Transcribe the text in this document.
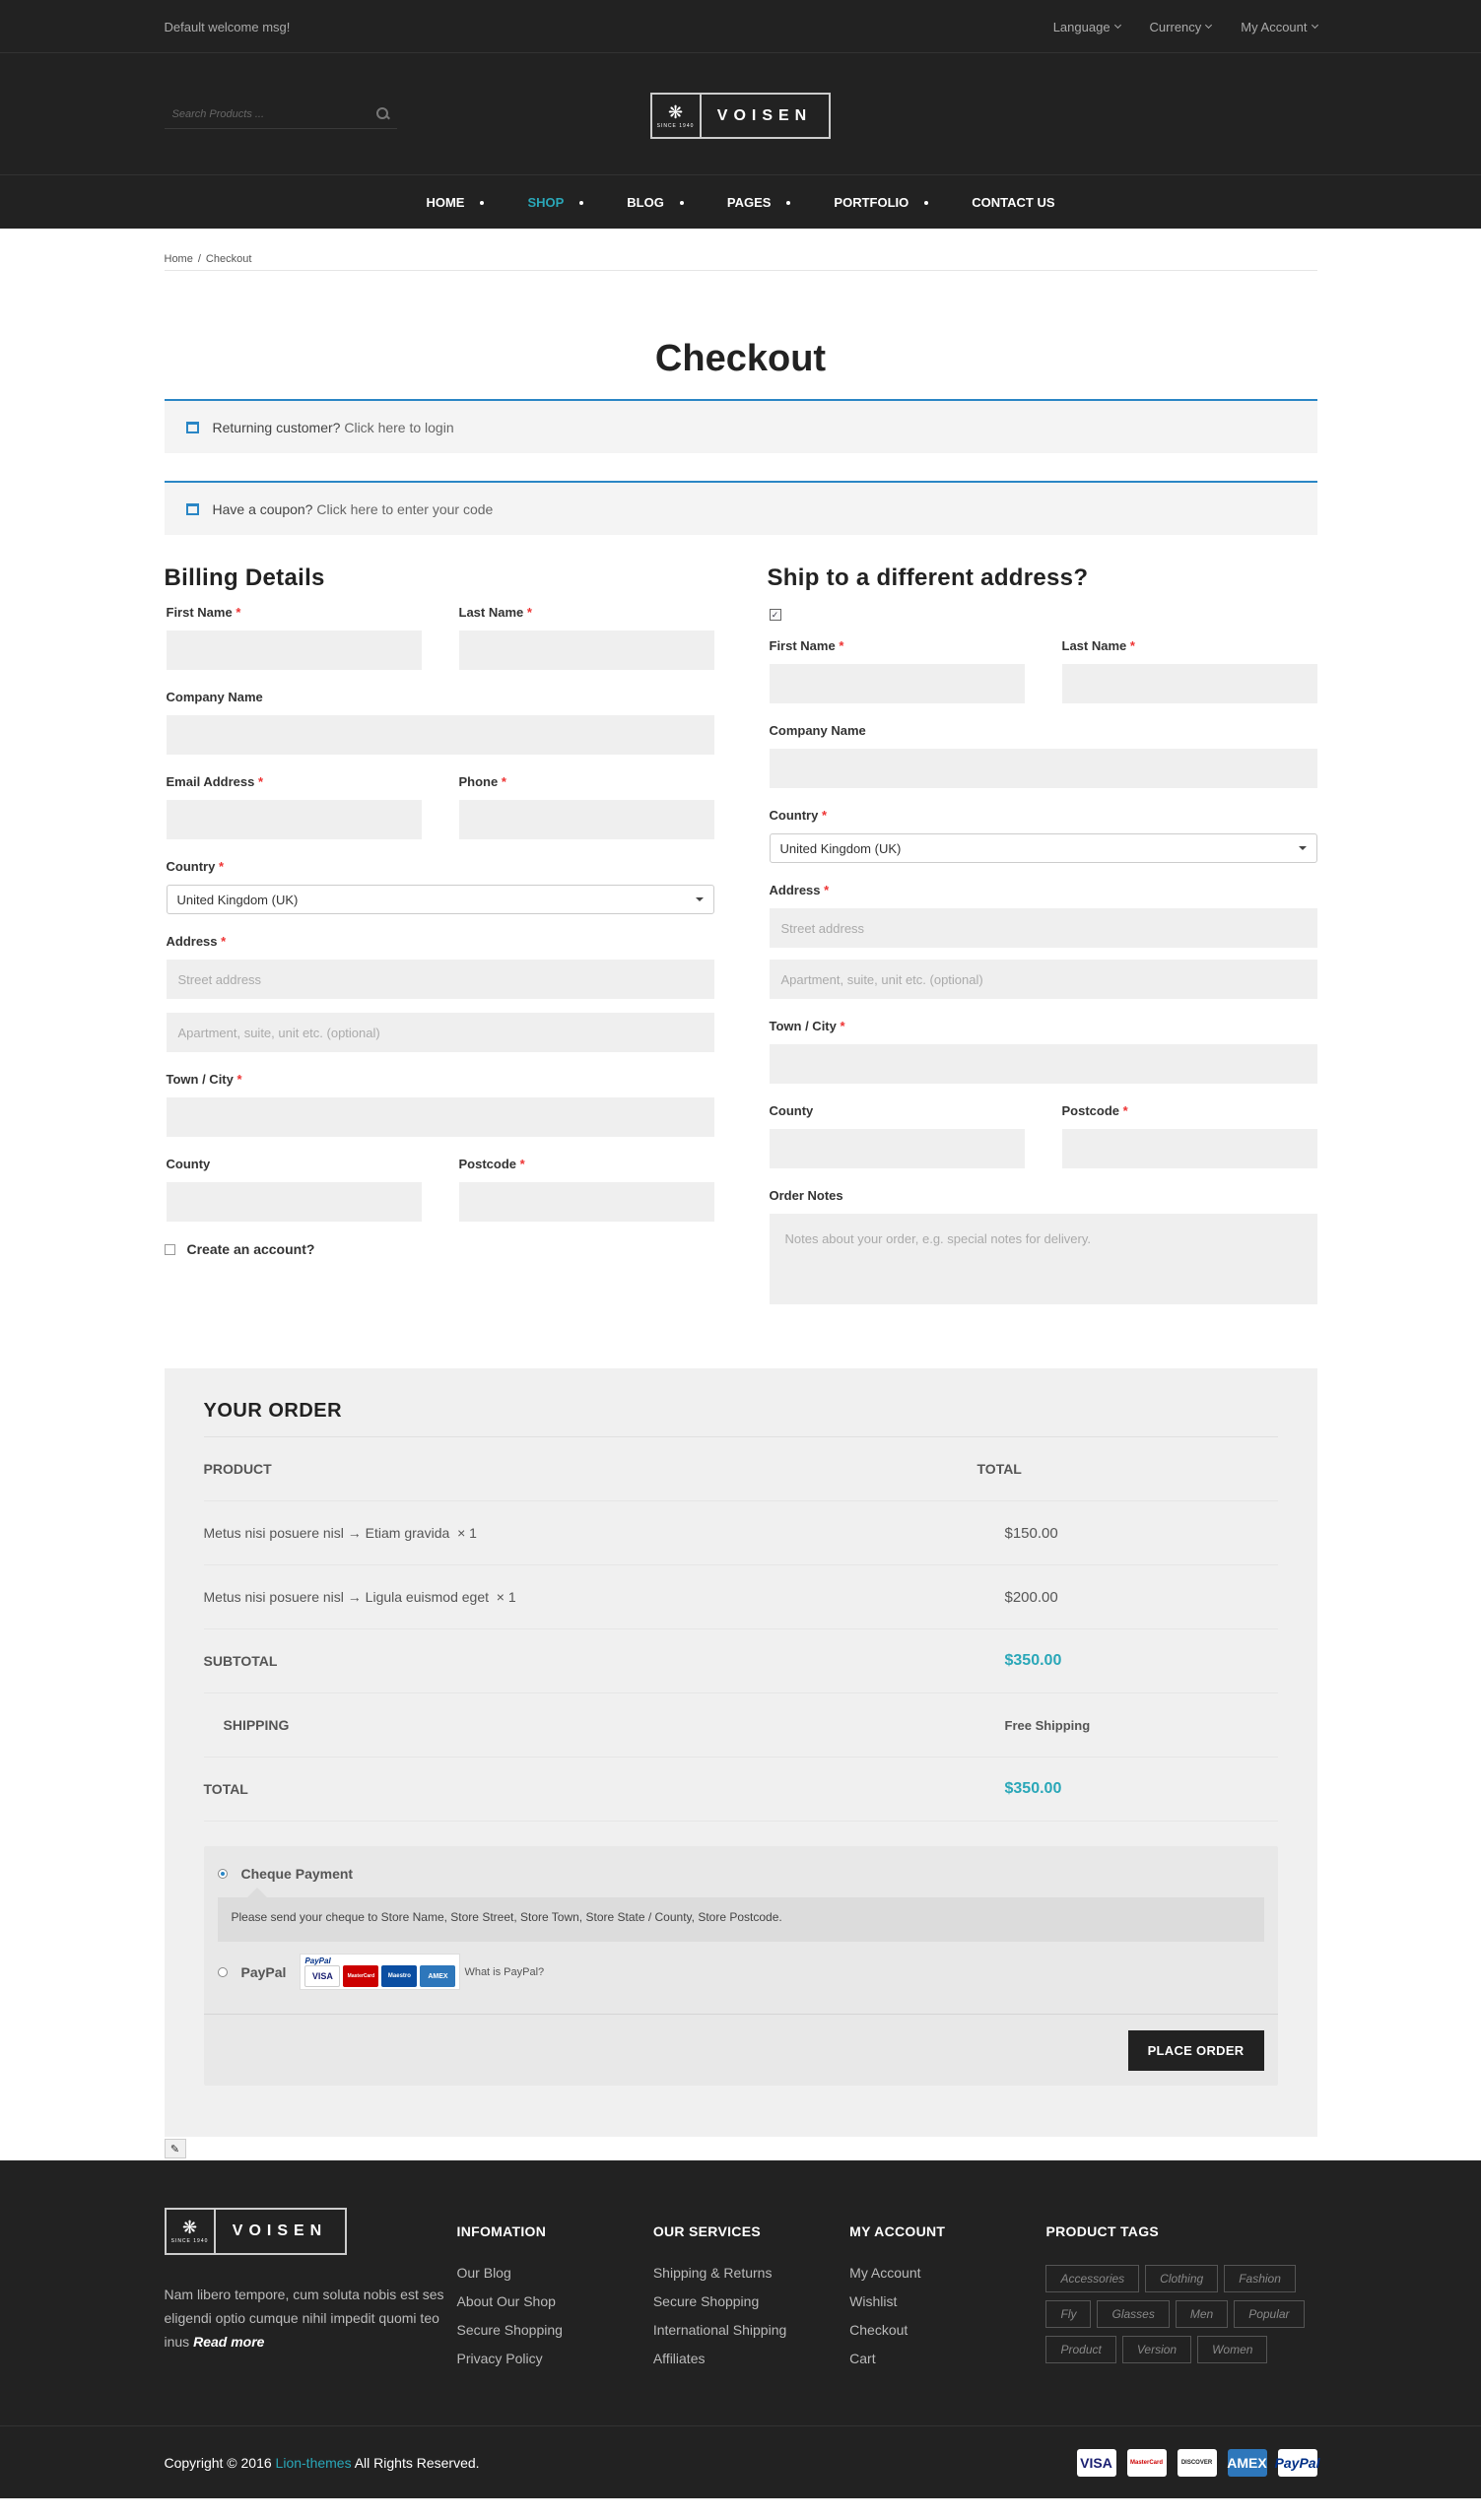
Default welcome msg!	Language	Currency	My Account
Search Products ...	❋
SINCE 1940
VOISEN
HOME	SHOP	BLOG	PAGES	PORTFOLIO	CONTACT US
Home / Checkout
Checkout
Returning customer?
Click here to login
Have a coupon?
Click here to enter your code
Billing Details
First Name *	Last Name *
Company Name
Email Address *	Phone *
Country *
United Kingdom (UK)
Address *
Street address
Apartment, suite, unit etc. (optional)
Town / City *
County	Postcode *
Create an account?
Ship to a different address?
✓
First Name *	Last Name *
Company Name
Country *
United Kingdom (UK)
Address *
Street address
Apartment, suite, unit etc. (optional)
Town / City *
County	Postcode *
Order Notes
Notes about your order, e.g. special notes for delivery.
YOUR ORDER
PRODUCT	TOTAL
Metus nisi posuere nisl → Etiam gravida × 1	$150.00
Metus nisi posuere nisl → Ligula euismod eget × 1	$200.00
SUBTOTAL	$350.00
SHIPPING	Free Shipping
TOTAL	$350.00
Cheque Payment
Please send your cheque to Store Name, Store Street, Store Town, Store State / County, Store Postcode.
PayPal
PayPal
VISA	MasterCard	Maestro	AMEX	What is PayPal?
PLACE ORDER
✎
❋
SINCE 1940
VOISEN

Nam libero tempore, cum soluta nobis est ses eligendi optio cumque nihil impedit quomi teo inus Read more

INFOMATION
Our Blog
About Our Shop
Secure Shopping
Privacy Policy
OUR SERVICES
Shipping & Returns
Secure Shopping
International Shipping
Affiliates
MY ACCOUNT
My Account
Wishlist
Checkout
Cart
PRODUCT TAGS
Accessories	Clothing	Fashion
Fly	Glasses	Men	Popular
Product	Version	Women
Copyright © 2016 Lion-themes All Rights Reserved.	VISA	MasterCard	DISCOVER	AMEX PayPal
